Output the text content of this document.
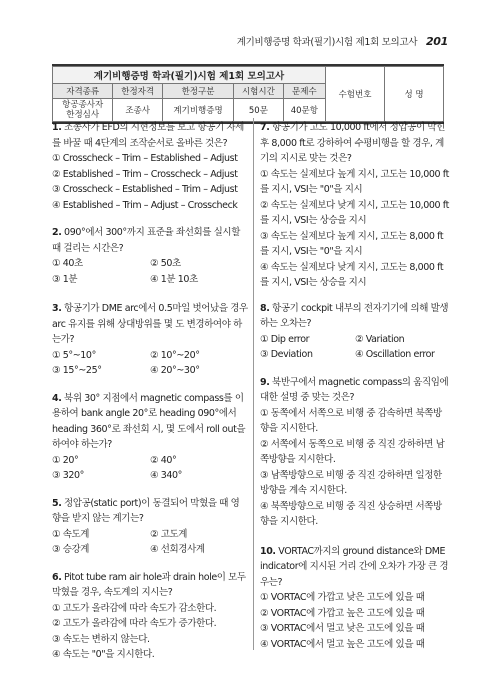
계기비행증명 학과(필기)시험 제1회 모의고사 201
계기비행증명 학과(필기)시험 제1회 모의고사					수험번호	성 명
자격종류	한정자격	한정구분	시험시간	문제수		
항공종사자
한정심사	조종사	계기비행증명	50문	40문항		

1. 조종사가 EFD의 시현정보를 보고 항공기 자세를 바꿀 때 4단계의 조작순서로 올바른 것은?

① Crosscheck – Trim – Established – Adjust
② Established – Trim – Crosscheck – Adjust
③ Crosscheck – Established – Trim – Adjust
④ Established – Trim – Adjust – Crosscheck

2. 090°에서 300°까지 표준율 좌선회를 실시할 때 걸리는 시간은?

① 40초	② 50초
③ 1분	④ 1분 10초

3. 항공기가 DME arc에서 0.5마일 벗어났을 경우 arc 유지를 위해 상대방위를 몇 도 변경하여야 하는가?

① 5°~10°	② 10°~20°
③ 15°~25°	④ 20°~30°

4. 북위 30° 지점에서 magnetic compass를 이용하여 bank angle 20°로 heading 090°에서 heading 360°로 좌선회 시, 몇 도에서 roll out을 하여야 하는가?

① 20°	② 40°
③ 320°	④ 340°

5. 정압공(static port)이 동결되어 막혔을 때 영향을 받지 않는 계기는?

① 속도계	② 고도계
③ 승강계	④ 선회경사계

6. Pitot tube ram air hole과 drain hole이 모두 막혔을 경우, 속도계의 지시는?

① 고도가 올라감에 따라 속도가 감소한다.
② 고도가 올라감에 따라 속도가 증가한다.
③ 속도는 변하지 않는다.
④ 속도는 "0"을 지시한다.

7. 항공기가 고도 10,000 ft에서 정압공이 막힌 후 8,000 ft로 강하하여 수평비행을 할 경우, 계기의 지시로 맞는 것은?

① 속도는 실제보다 높게 지시, 고도는 10,000 ft를 지시, VSI는 "0"을 지시
② 속도는 실제보다 낮게 지시, 고도는 10,000 ft를 지시, VSI는 상승을 지시
③ 속도는 실제보다 높게 지시, 고도는 8,000 ft를 지시, VSI는 "0"을 지시
④ 속도는 실제보다 낮게 지시, 고도는 8,000 ft를 지시, VSI는 상승을 지시

8. 항공기 cockpit 내부의 전자기기에 의해 발생하는 오차는?

① Dip error	② Variation
③ Deviation	④ Oscillation error

9. 북반구에서 magnetic compass의 움직임에 대한 설명 중 맞는 것은?

① 동쪽에서 서쪽으로 비행 중 감속하면 북쪽방향을 지시한다.
② 서쪽에서 동쪽으로 비행 중 직진 강하하면 남쪽방향을 지시한다.
③ 남쪽방향으로 비행 중 직진 강하하면 일정한 방향을 계속 지시한다.
④ 북쪽방향으로 비행 중 직진 상승하면 서쪽방향을 지시한다.

10. VORTAC까지의 ground distance와 DME indicator에 지시된 거리 간에 오차가 가장 큰 경우는?

① VORTAC에 가깝고 낮은 고도에 있을 때
② VORTAC에 가깝고 높은 고도에 있을 때
③ VORTAC에서 멀고 낮은 고도에 있을 때
④ VORTAC에서 멀고 높은 고도에 있을 때
